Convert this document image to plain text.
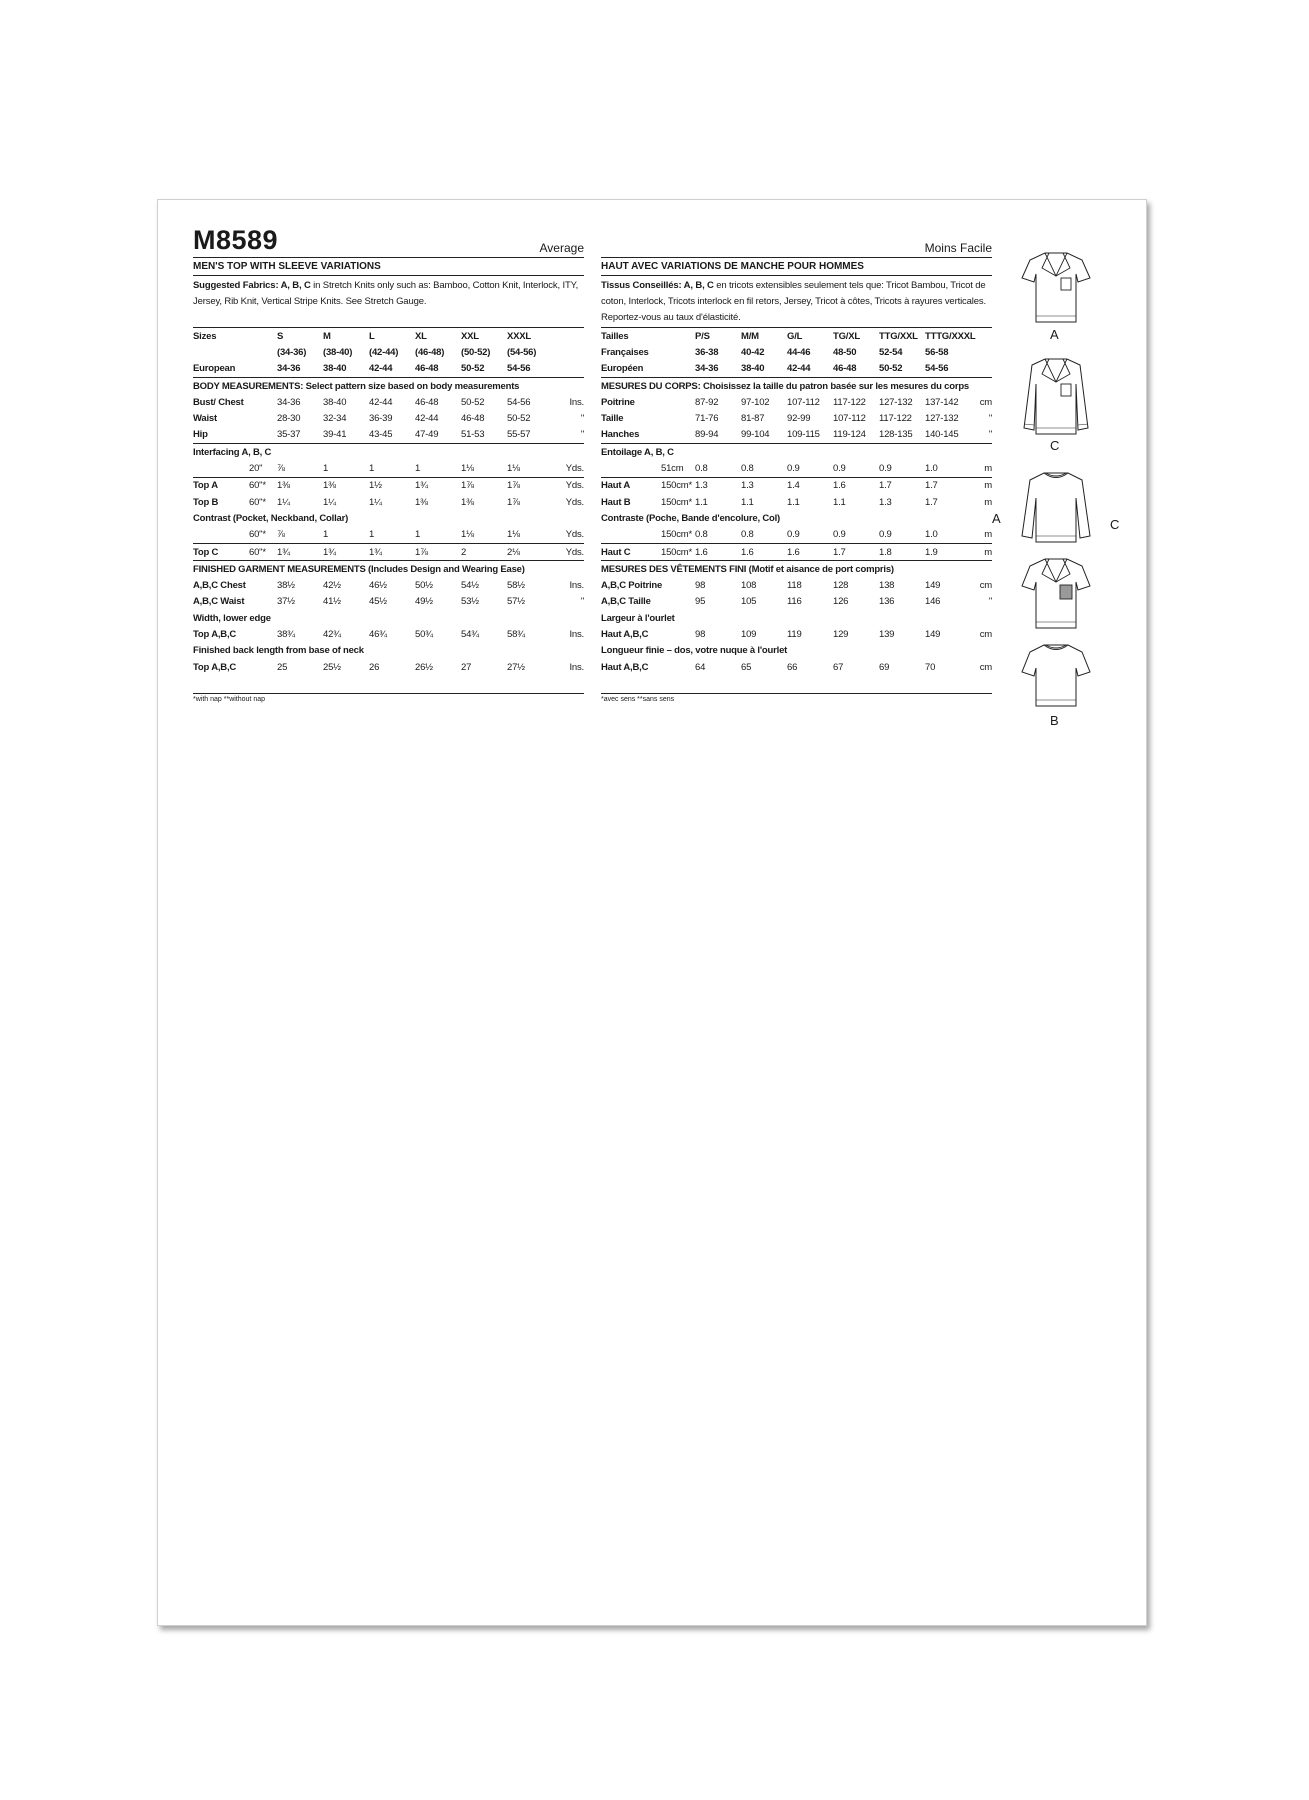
M8589	Average
MEN'S TOP WITH SLEEVE VARIATIONS
Suggested Fabrics: A, B, C in Stretch Knits only such as: Bamboo, Cotton Knit, Interlock, ITY, Jersey, Rib Knit, Vertical Stripe Knits. See Stretch Gauge.
Sizes		S	M	L	XL	XXL	XXXL	
		(34-36)	(38-40)	(42-44)	(46-48)	(50-52)	(54-56)	
European		34-36	38-40	42-44	46-48	50-52	54-56	
BODY MEASUREMENTS: Select pattern size based on body measurements								
Bust/ Chest		34-36	38-40	42-44	46-48	50-52	54-56	Ins.
Waist		28-30	32-34	36-39	42-44	46-48	50-52	"
Hip		35-37	39-41	43-45	47-49	51-53	55-57	"
Interfacing A, B, C								
	20"	⅞	1	1	1	1⅛	1⅛	Yds.
Top A	60"*	1⅜	1⅜	1½	1¾	1⅞	1⅞	Yds.
Top B	60"*	1¼	1¼	1¼	1⅜	1⅜	1⅞	Yds.
Contrast (Pocket, Neckband, Collar)								
	60"*	⅞	1	1	1	1⅛	1⅛	Yds.
Top C	60"*	1¾	1¾	1¾	1⅞	2	2⅛	Yds.
FINISHED GARMENT MEASUREMENTS (Includes Design and Wearing Ease)								
A,B,C Chest		38½	42½	46½	50½	54½	58½	Ins.
A,B,C Waist		37½	41½	45½	49½	53½	57½	"
Width, lower edge								
Top A,B,C		38¾	42¾	46¾	50¾	54¾	58¾	Ins.
Finished back length from base of neck								
Top A,B,C		25	25½	26	26½	27	27½	Ins.
*with nap **without nap
Moins Facile
HAUT AVEC VARIATIONS DE MANCHE POUR HOMMES
Tissus Conseillés: A, B, C en tricots extensibles seulement tels que: Tricot Bambou, Tricot de coton, Interlock, Tricots interlock en fil retors, Jersey, Tricot à côtes, Tricots à rayures verticales. Reportez-vous au taux d'élasticité.
Tailles		P/S	M/M	G/L	TG/XL	TTG/XXL	TTTG/XXXL	
Françaises		36-38	40-42	44-46	48-50	52-54	56-58	
Européen		34-36	38-40	42-44	46-48	50-52	54-56	
MESURES DU CORPS: Choisissez la taille du patron basée sur les mesures du corps								
Poitrine		87-92	97-102	107-112	117-122	127-132	137-142	cm
Taille		71-76	81-87	92-99	107-112	117-122	127-132	"
Hanches		89-94	99-104	109-115	119-124	128-135	140-145	"
Entoilage A, B, C								
	51cm	0.8	0.8	0.9	0.9	0.9	1.0	m
Haut A	150cm*	1.3	1.3	1.4	1.6	1.7	1.7	m
Haut B	150cm*	1.1	1.1	1.1	1.1	1.3	1.7	m
Contraste (Poche, Bande d'encolure, Col)								
	150cm*	0.8	0.8	0.9	0.9	0.9	1.0	m
Haut C	150cm*	1.6	1.6	1.6	1.7	1.8	1.9	m
MESURES DES VÊTEMENTS FINI (Motif et aisance de port compris)								
A,B,C Poitrine		98	108	118	128	138	149	cm
A,B,C Taille		95	105	116	126	136	146	"
Largeur à l'ourlet								
Haut A,B,C		98	109	119	129	139	149	cm
Longueur finie – dos, votre nuque à l'ourlet								
Haut A,B,C		64	65	66	67	69	70	cm
*avec sens **sans sens
A
C
A	C
B
